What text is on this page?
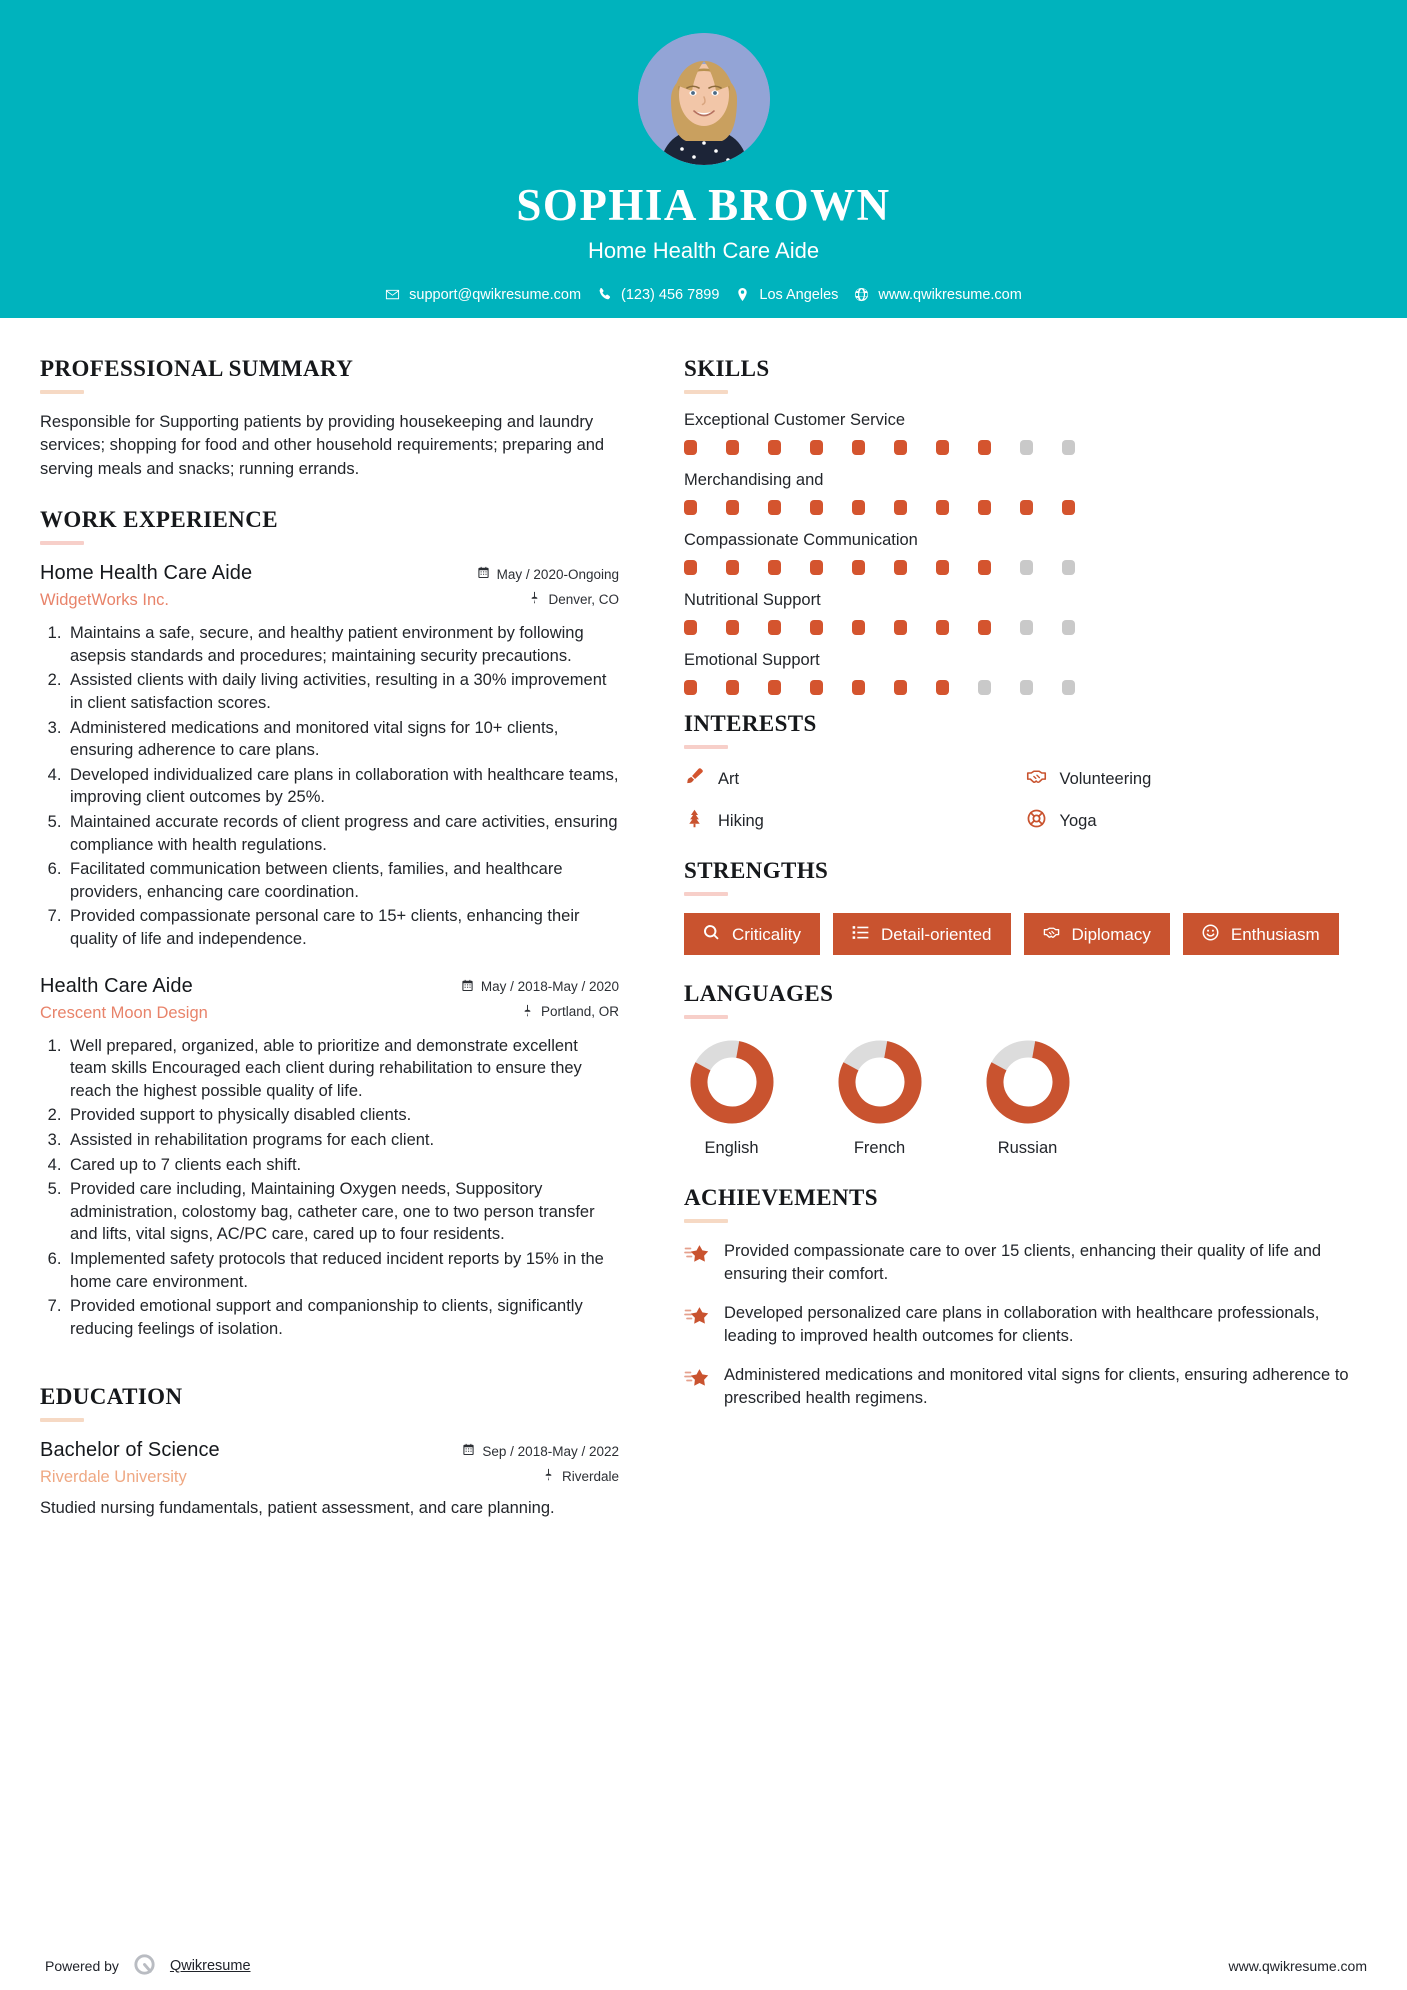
SOPHIA BROWN
Home Health Care Aide
support@qwikresume.com	(123) 456 7899	Los Angeles	www.qwikresume.com
PROFESSIONAL SUMMARY
Responsible for Supporting patients by providing housekeeping and laundry services; shopping for food and other household requirements; preparing and serving meals and snacks; running errands.
WORK EXPERIENCE
Home Health Care Aide
WidgetWorks Inc.
May / 2020-Ongoing
Denver, CO
1. Maintains a safe, secure, and healthy patient environment by following asepsis standards and procedures; maintaining security precautions.
2. Assisted clients with daily living activities, resulting in a 30% improvement in client satisfaction scores.
3. Administered medications and monitored vital signs for 10+ clients, ensuring adherence to care plans.
4. Developed individualized care plans in collaboration with healthcare teams, improving client outcomes by 25%.
5. Maintained accurate records of client progress and care activities, ensuring compliance with health regulations.
6. Facilitated communication between clients, families, and healthcare providers, enhancing care coordination.
7. Provided compassionate personal care to 15+ clients, enhancing their quality of life and independence.
Health Care Aide
Crescent Moon Design
May / 2018-May / 2020
Portland, OR
1. Well prepared, organized, able to prioritize and demonstrate excellent team skills Encouraged each client during rehabilitation to ensure they reach the highest possible quality of life.
2. Provided support to physically disabled clients.
3. Assisted in rehabilitation programs for each client.
4. Cared up to 7 clients each shift.
5. Provided care including, Maintaining Oxygen needs, Suppository administration, colostomy bag, catheter care, one to two person transfer and lifts, vital signs, AC/PC care, cared up to four residents.
6. Implemented safety protocols that reduced incident reports by 15% in the home care environment.
7. Provided emotional support and companionship to clients, significantly reducing feelings of isolation.
EDUCATION
Bachelor of Science
Riverdale University
Sep / 2018-May / 2022
Riverdale
Studied nursing fundamentals, patient assessment, and care planning.
SKILLS
Exceptional Customer Service
Merchandising and
Compassionate Communication
Nutritional Support
Emotional Support
INTERESTS
Art	Volunteering
Hiking	Yoga
STRENGTHS
Criticality	Detail-oriented	Diplomacy	Enthusiasm
LANGUAGES
English	French	Russian
ACHIEVEMENTS
Provided compassionate care to over 15 clients, enhancing their quality of life and ensuring their comfort.
Developed personalized care plans in collaboration with healthcare professionals, leading to improved health outcomes for clients.
Administered medications and monitored vital signs for clients, ensuring adherence to prescribed health regimens.
Powered by	Qwikresume	www.qwikresume.com
